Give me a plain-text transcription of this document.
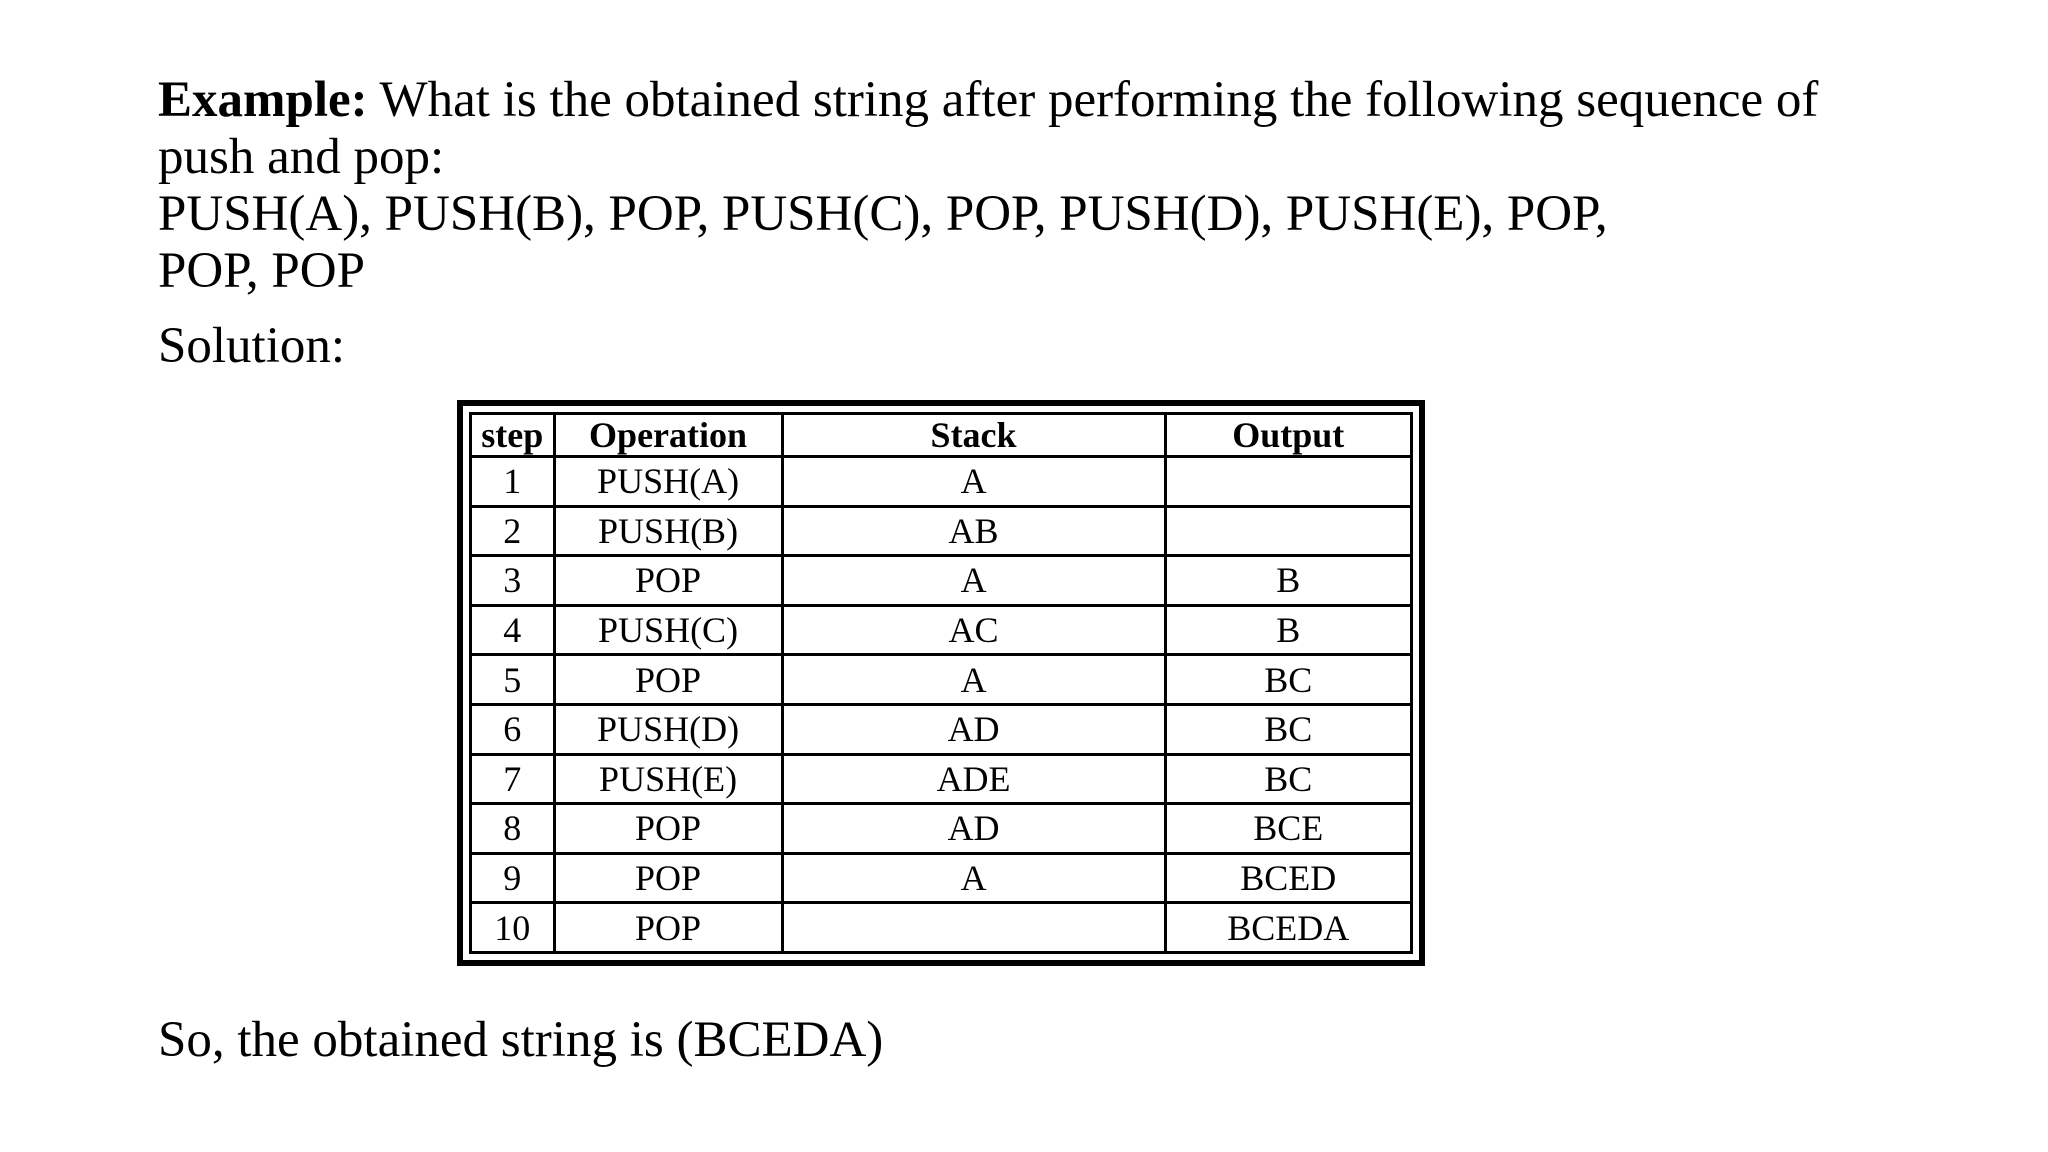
Example: What is the obtained string after performing the following sequence of
push and pop:
PUSH(A), PUSH(B), POP, PUSH(C), POP, PUSH(D), PUSH(E), POP,
POP, POP

Solution:
step	Operation	Stack	Output
1	PUSH(A)	A	
2	PUSH(B)	AB	
3	POP	A	B
4	PUSH(C)	AC	B
5	POP	A	BC
6	PUSH(D)	AD	BC
7	PUSH(E)	ADE	BC
8	POP	AD	BCE
9	POP	A	BCED
10	POP		BCEDA
So, the obtained string is (BCEDA)
